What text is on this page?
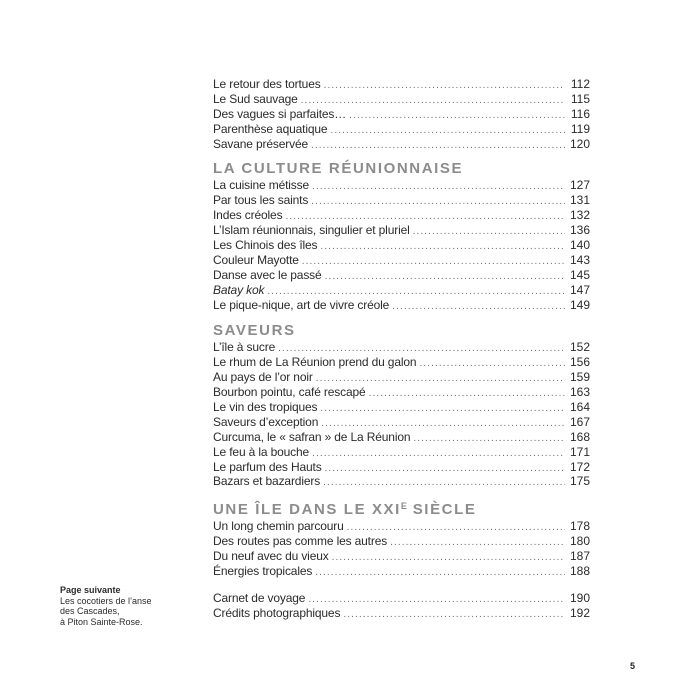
Le retour des tortues .....	112
Le Sud sauvage .....	115
Des vagues si parfaites… .....	116
Parenthèse aquatique .....	119
Savane préservée .....	120
LA CULTURE RÉUNIONNAISE
La cuisine métisse .....	127
Par tous les saints .....	131
Indes créoles .....	132
L’Islam réunionnais, singulier et pluriel .....	136
Les Chinois des îles .....	140
Couleur Mayotte .....	143
Danse avec le passé .....	145
Batay kok .....	147
Le pique-nique, art de vivre créole .....	149
SAVEURS
L’île à sucre .....	152
Le rhum de La Réunion prend du galon .....	156
Au pays de l’or noir .....	159
Bourbon pointu, café rescapé .....	163
Le vin des tropiques .....	164
Saveurs d’exception .....	167
Curcuma, le « safran » de La Réunion .....	168
Le feu à la bouche .....	171
Le parfum des Hauts .....	172
Bazars et bazardiers .....	175
UNE ÎLE DANS LE $XXI^E$ SIÈCLE
Un long chemin parcouru .....	178
Des routes pas comme les autres .....	180
Du neuf avec du vieux .....	187
Énergies tropicales .....	188
Carnet de voyage .....	190
Crédits photographiques .....	192
Page suivante
Les cocotiers de l’anse
des Cascades,
à Piton Sainte-Rose.
5
